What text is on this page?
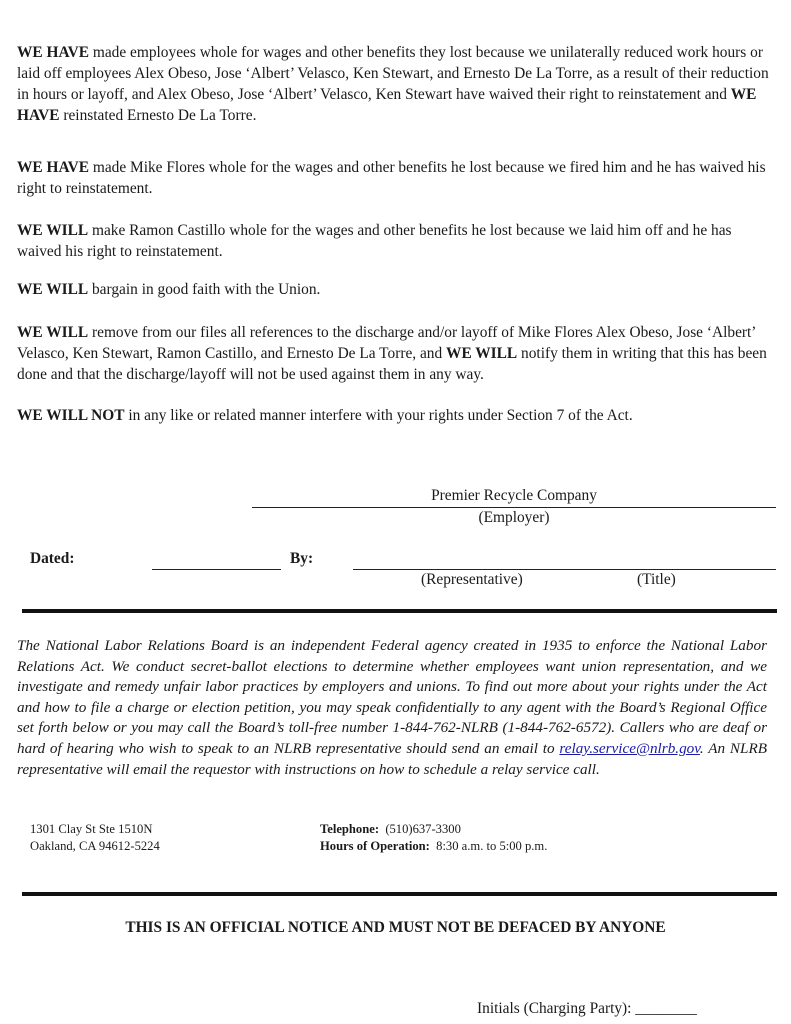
WE HAVE made employees whole for wages and other benefits they lost because we unilaterally reduced work hours or laid off employees Alex Obeso, Jose ‘Albert’ Velasco, Ken Stewart, and Ernesto De La Torre, as a result of their reduction in hours or layoff, and Alex Obeso, Jose ‘Albert’ Velasco, Ken Stewart have waived their right to reinstatement and WE HAVE reinstated Ernesto De La Torre.
WE HAVE made Mike Flores whole for the wages and other benefits he lost because we fired him and he has waived his right to reinstatement.
WE WILL make Ramon Castillo whole for the wages and other benefits he lost because we laid him off and he has waived his right to reinstatement.
WE WILL bargain in good faith with the Union.
WE WILL remove from our files all references to the discharge and/or layoff of Mike Flores Alex Obeso, Jose ‘Albert’ Velasco, Ken Stewart, Ramon Castillo, and Ernesto De La Torre, and WE WILL notify them in writing that this has been done and that the discharge/layoff will not be used against them in any way.
WE WILL NOT in any like or related manner interfere with your rights under Section 7 of the Act.
Premier Recycle Company
(Employer)
Dated:	By:
(Representative)	(Title)
The National Labor Relations Board is an independent Federal agency created in 1935 to enforce the National Labor Relations Act. We conduct secret-ballot elections to determine whether employees want union representation, and we investigate and remedy unfair labor practices by employers and unions. To find out more about your rights under the Act and how to file a charge or election petition, you may speak confidentially to any agent with the Board’s Regional Office set forth below or you may call the Board’s toll-free number 1-844-762-NLRB (1-844-762-6572). Callers who are deaf or hard of hearing who wish to speak to an NLRB representative should send an email to relay.service@nlrb.gov. An NLRB representative will email the requestor with instructions on how to schedule a relay service call.
1301 Clay St Ste 1510N
Oakland, CA 94612-5224
Telephone: (510)637-3300
Hours of Operation: 8:30 a.m. to 5:00 p.m.
THIS IS AN OFFICIAL NOTICE AND MUST NOT BE DEFACED BY ANYONE
Initials (Charging Party): ________
